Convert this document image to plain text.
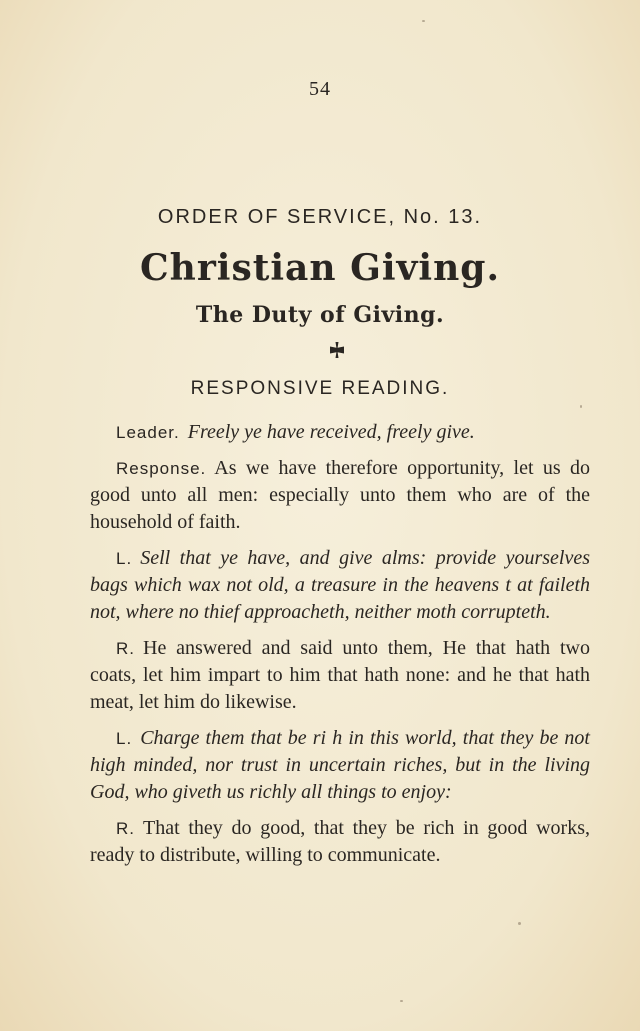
54
ORDER OF SERVICE, No. 13.
Christian Giving.
The Duty of Giving.
RESPONSIVE READING.

Leader. Freely ye have received, freely give.

Response. As we have therefore opportunity, let us do good unto all men: especially unto them who are of the household of faith.

L. Sell that ye have, and give alms: provide yourselves bags which wax not old, a treasure in the heavens t at faileth not, where no thief approacheth, neither moth corrupteth.

R. He answered and said unto them, He that hath two coats, let him impart to him that hath none: and he that hath meat, let him do likewise.

L. Charge them that be ri h in this world, that they be not high minded, nor trust in uncertain riches, but in the living God, who giveth us richly all things to enjoy:

R. That they do good, that they be rich in good works, ready to distribute, willing to communicate.
